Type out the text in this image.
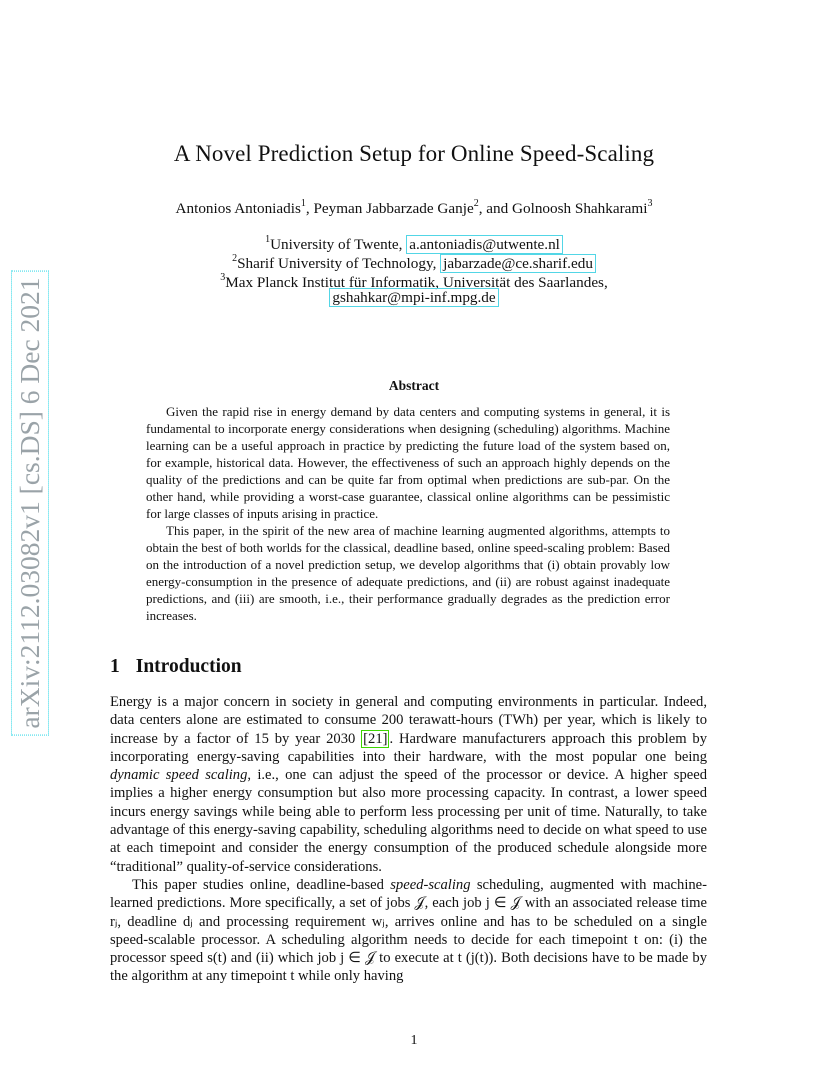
arXiv:2112.03082v1 [cs.DS] 6 Dec 2021
A Novel Prediction Setup for Online Speed-Scaling
Antonios Antoniadis$^1$, Peyman Jabbarzade Ganje$^2$, and Golnoosh Shahkarami$^3$
$^1$University of Twente, a.antoniadis@utwente.nl
$^2$Sharif University of Technology, jabarzade@ce.sharif.edu
$^3$Max Planck Institut für Informatik, Universität des Saarlandes,
gshahkar@mpi-inf.mpg.de
Abstract

Given the rapid rise in energy demand by data centers and computing systems in general, it is fundamental to incorporate energy considerations when designing (scheduling) algorithms. Machine learning can be a useful approach in practice by predicting the future load of the system based on, for example, historical data. However, the effectiveness of such an approach highly depends on the quality of the predictions and can be quite far from optimal when predictions are sub-par. On the other hand, while providing a worst-case guarantee, classical online algorithms can be pessimistic for large classes of inputs arising in practice.

This paper, in the spirit of the new area of machine learning augmented algorithms, attempts to obtain the best of both worlds for the classical, deadline based, online speed-scaling problem: Based on the introduction of a novel prediction setup, we develop algorithms that (i) obtain provably low energy-consumption in the presence of adequate predictions, and (ii) are robust against inadequate predictions, and (iii) are smooth, i.e., their performance gradually degrades as the prediction error increases.

1 Introduction

Energy is a major concern in society in general and computing environments in particular. Indeed, data centers alone are estimated to consume 200 terawatt-hours (TWh) per year, which is likely to increase by a factor of 15 by year 2030 [21] . Hardware manufacturers approach this problem by incorporating energy-saving capabilities into their hardware, with the most popular one being dynamic speed scaling, i.e., one can adjust the speed of the processor or device. A higher speed implies a higher energy consumption but also more processing capacity. In contrast, a lower speed incurs energy savings while being able to perform less processing per unit of time. Naturally, to take advantage of this energy-saving capability, scheduling algorithms need to decide on what speed to use at each timepoint and consider the energy consumption of the produced schedule alongside more “traditional” quality-of-service considerations.

This paper studies online, deadline-based speed-scaling scheduling, augmented with machine-learned predictions. More specifically, a set of jobs 𝒥, each job j ∈ 𝒥 with an associated release time rⱼ, deadline dⱼ and processing requirement wⱼ, arrives online and has to be scheduled on a single speed-scalable processor. A scheduling algorithm needs to decide for each timepoint t on: (i) the processor speed s(t) and (ii) which job j ∈ 𝒥 to execute at t (j(t)). Both decisions have to be made by the algorithm at any timepoint t while only having

1
